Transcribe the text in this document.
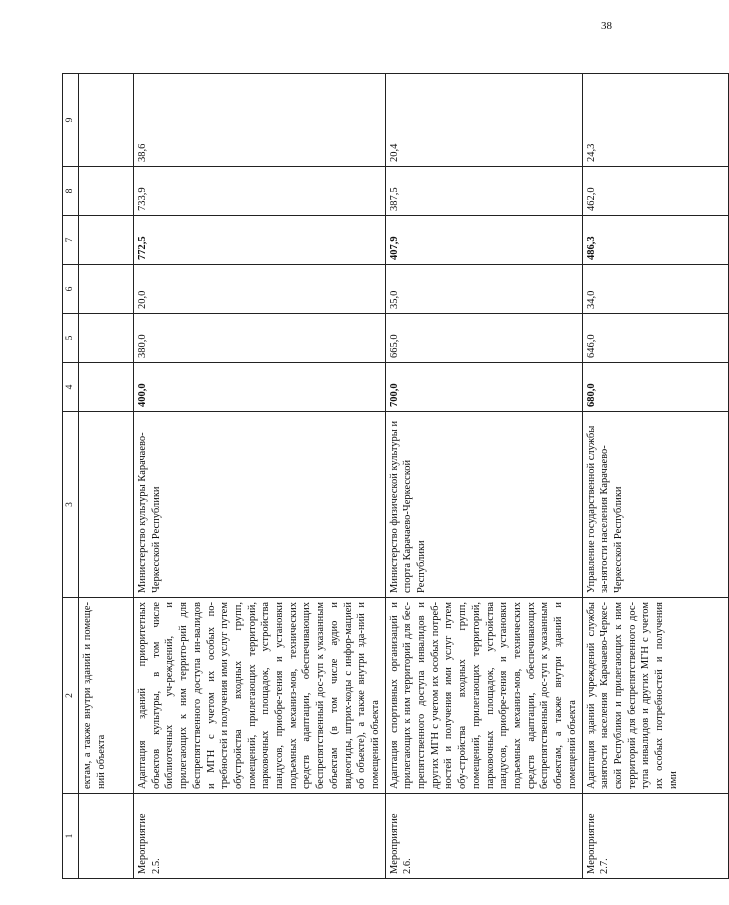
38
1	2	3	4	5	6	7	8	9
	ектам, а также внутри зданий и помеще-ний объекта							
Мероприятие 2.5.	Адаптация зданий приоритетных объектов культуры, в том числе библиотечных уч-реждений, и прилегающих к ним террито-рий для беспрепятственного доступа ин-валидов и МГН с учетом их особых по-требностей и получения ими услуг путем обустройства входных групп, помещений, прилегающих территорий, парковочных площадок, устройства пандусов, приобре-тения и установки подъемных механиз-мов, технических средств адаптации, обеспечивающих беспрепятственный дос-туп к указанным объектам (в том числе аудио и видеогиды, штрих-коды с инфор-мацией об объекте), а также внутри зда-ний и помещений объекта	Министерство культуры Карачаево-Черкесской Республики	400,0	380,0	20,0	772,5	733,9	38,6
Мероприятие 2.6.	Адаптация спортивных организаций и прилегающих к ним территорий для бес-препятственного доступа инвалидов и других МГН с учетом их особых потреб-ностей и получения ими услуг путем обу-стройства входных групп, помещений, прилегающих территорий, парковочных площадок, устройства пандусов, приобре-тения и установки подъемных механиз-мов, технических средств адаптации, обеспечивающих беспрепятственный дос-туп к указанным объектам, а также внутри зданий и помещений объекта	Министерство физической культуры и спорта Карачаево-Черкесской Республики	700,0	665,0	35,0	407,9	387,5	20,4
Мероприятие 2.7.	Адаптация зданий учреждений службы занятости населения Карачаево-Черкес-ской Республики и прилегающих к ним территорий для беспрепятственного дос-тупа инвалидов и других МГН с учетом их особых потребностей и получения ими	Управление государственной службы за-нятости населения Карачаево-Черкесской Республики	680,0	646,0	34,0	486,3	462,0	24,3
